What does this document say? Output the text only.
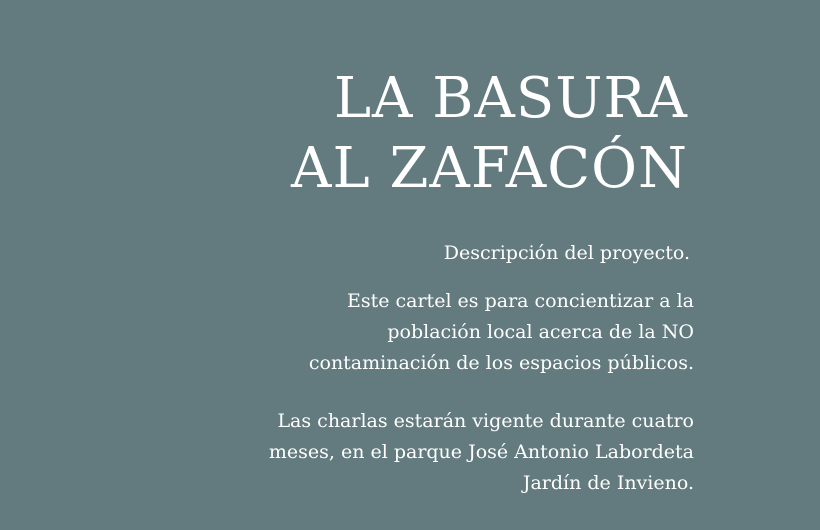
LA BASURA
AL ZAFACÓN
Descripción del proyecto.
Este cartel es para concientizar a la
población local acerca de la NO
contaminación de los espacios públicos.
Las charlas estarán vigente durante cuatro
meses, en el parque José Antonio Labordeta
Jardín de Invieno.
